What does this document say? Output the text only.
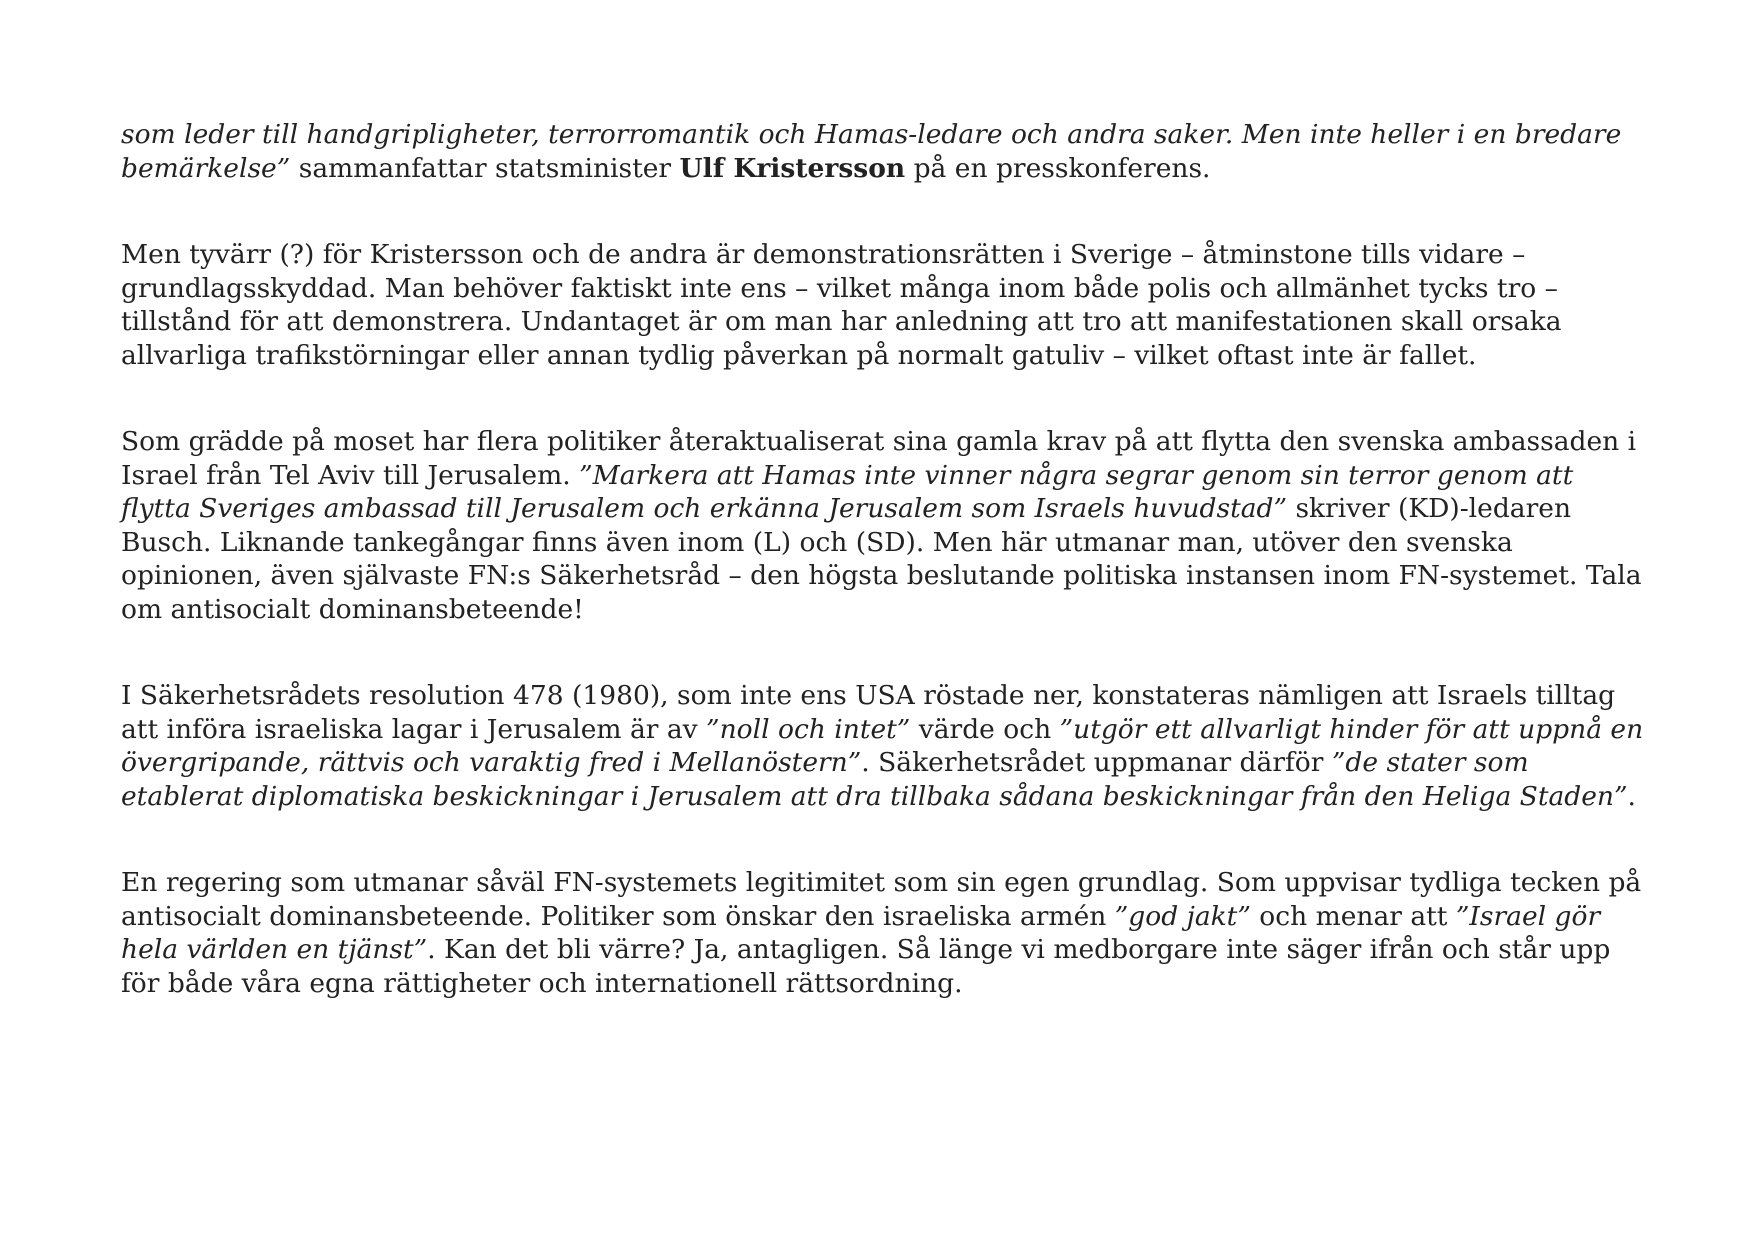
som leder till handgripligheter, terrorromantik och Hamas-ledare och andra saker. Men inte heller i en bredare bemärkelse” sammanfattar statsminister Ulf Kristersson på en presskonferens.

Men tyvärr (?) för Kristersson och de andra är demonstrationsrätten i Sverige – åtminstone tills vidare – grundlagsskyddad. Man behöver faktiskt inte ens – vilket många inom både polis och allmänhet tycks tro – tillstånd för att demonstrera. Undantaget är om man har anledning att tro att manifestationen skall orsaka allvarliga trafikstörningar eller annan tydlig påverkan på normalt gatuliv – vilket oftast inte är fallet.

Som grädde på moset har flera politiker återaktualiserat sina gamla krav på att flytta den svenska ambassaden i Israel från Tel Aviv till Jerusalem. ”Markera att Hamas inte vinner några segrar genom sin terror genom att flytta Sveriges ambassad till Jerusalem och erkänna Jerusalem som Israels huvudstad” skriver (KD)-ledaren Busch. Liknande tankegångar finns även inom (L) och (SD). Men här utmanar man, utöver den svenska opinionen, även självaste FN:s Säkerhetsråd – den högsta beslutande politiska instansen inom FN-systemet. Tala om antisocialt dominansbeteende!

I Säkerhetsrådets resolution 478 (1980), som inte ens USA röstade ner, konstateras nämligen att Israels tilltag att införa israeliska lagar i Jerusalem är av ”noll och intet” värde och ”utgör ett allvarligt hinder för att uppnå en övergripande, rättvis och varaktig fred i Mellanöstern”. Säkerhetsrådet uppmanar därför ”de stater som etablerat diplomatiska beskickningar i Jerusalem att dra tillbaka sådana beskickningar från den Heliga Staden”.

En regering som utmanar såväl FN-systemets legitimitet som sin egen grundlag. Som uppvisar tydliga tecken på antisocialt dominansbeteende. Politiker som önskar den israeliska armén ”god jakt” och menar att ”Israel gör hela världen en tjänst”. Kan det bli värre? Ja, antagligen. Så länge vi medborgare inte säger ifrån och står upp för både våra egna rättigheter och internationell rättsordning.
